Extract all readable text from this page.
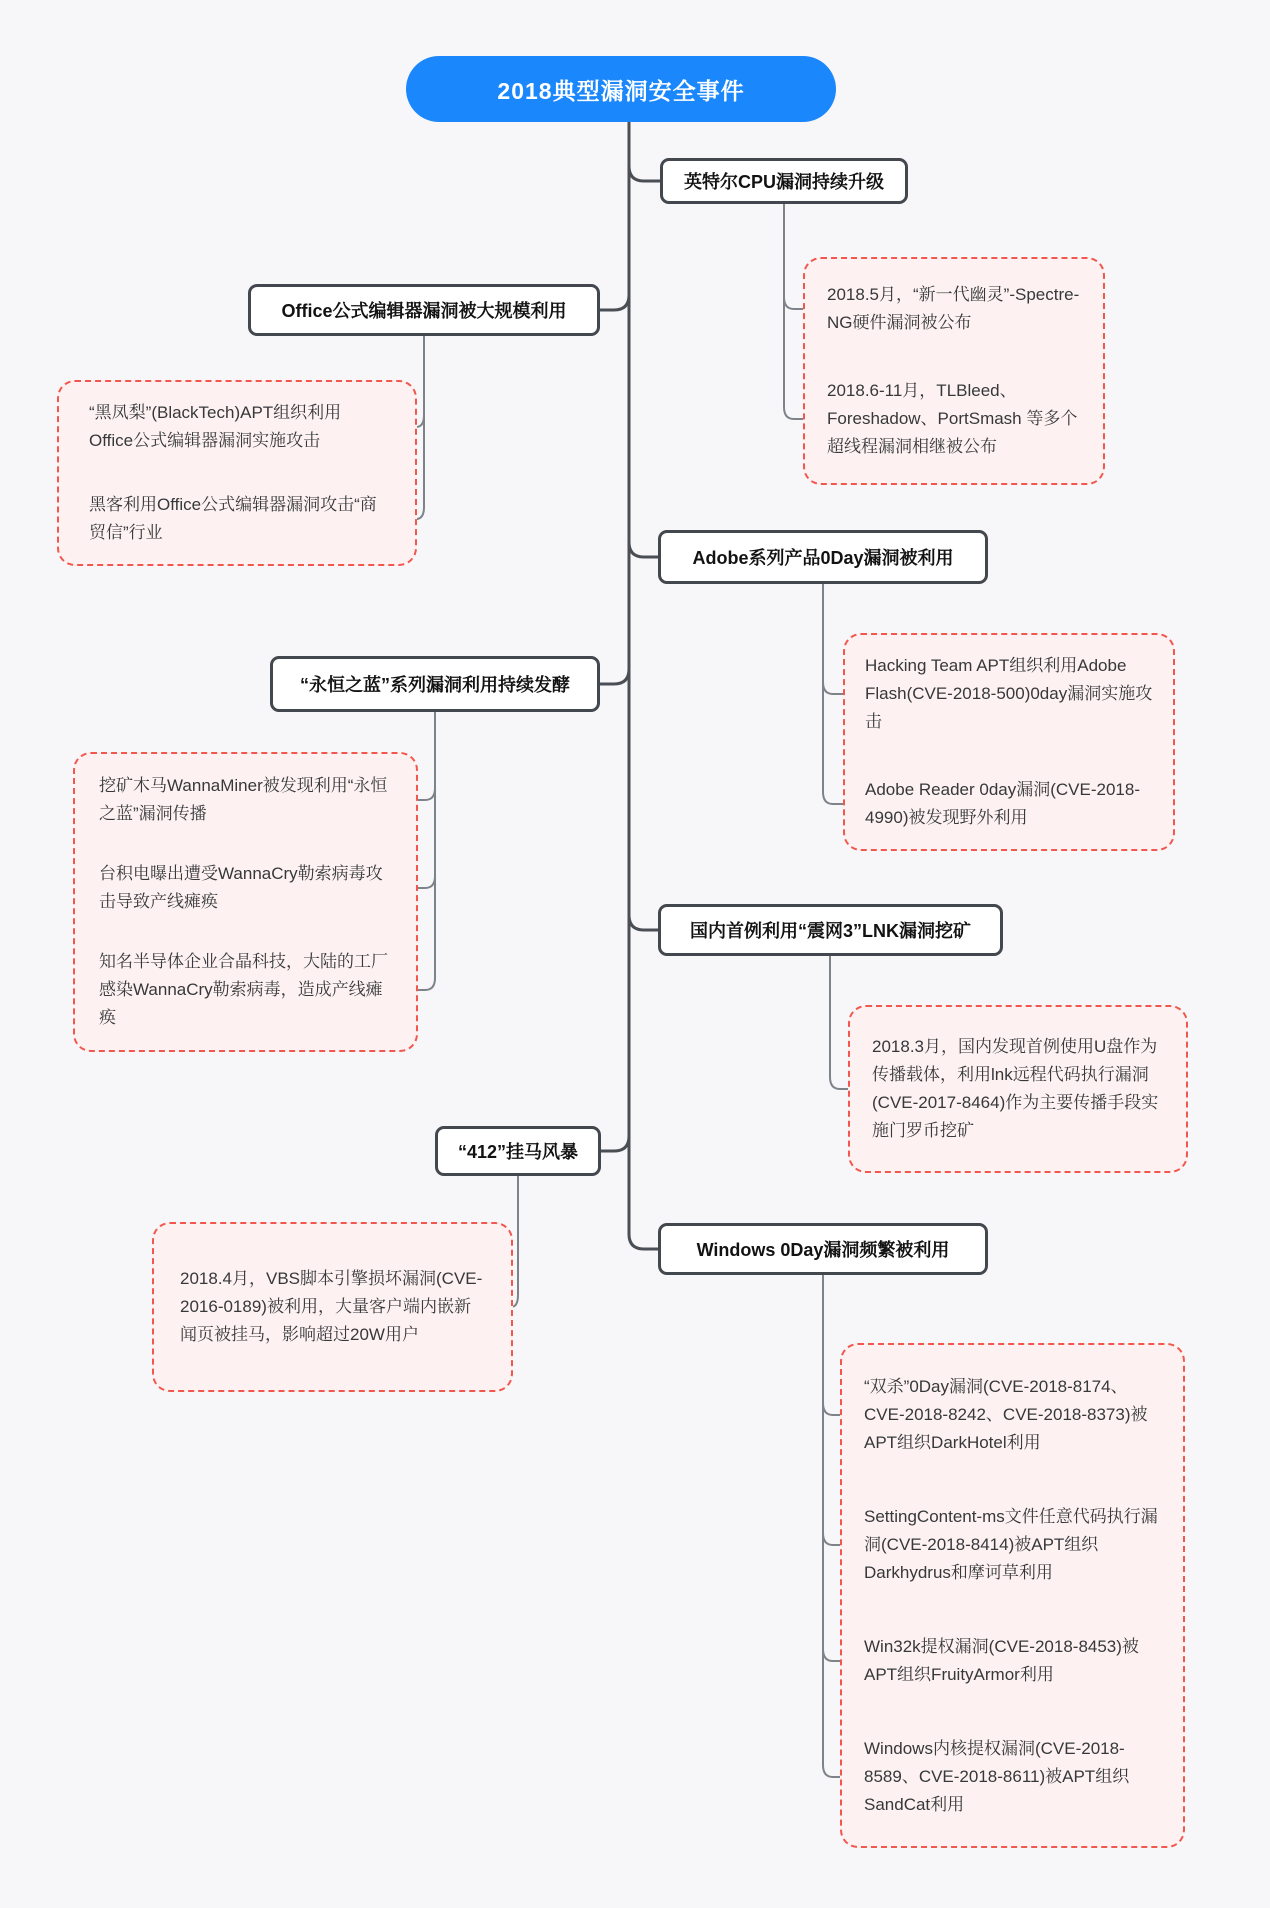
2018典型漏洞安全事件
英特尔CPU漏洞持续升级
Office公式编辑器漏洞被大规模利用
Adobe系列产品0Day漏洞被利用
“永恒之蓝”系列漏洞利用持续发酵
国内首例利用“震网3”LNK漏洞挖矿
“412”挂马风暴
Windows 0Day漏洞频繁被利用

2018.5月，“新一代幽灵”-Spectre-NG硬件漏洞被公布

2018.6-11月，TLBleed、Foreshadow、PortSmash 等多个超线程漏洞相继被公布

“黑凤梨”(BlackTech)APT组织利用Office公式编辑器漏洞实施攻击

黑客利用Office公式编辑器漏洞攻击“商贸信”行业

Hacking Team APT组织利用Adobe Flash(CVE-2018-500)0day漏洞实施攻击

Adobe Reader 0day漏洞(CVE-2018-4990)被发现野外利用

挖矿木马WannaMiner被发现利用“永恒之蓝”漏洞传播

台积电曝出遭受WannaCry勒索病毒攻击导致产线瘫痪

知名半导体企业合晶科技，大陆的工厂感染WannaCry勒索病毒，造成产线瘫痪

2018.3月，国内发现首例使用U盘作为传播载体，利用lnk远程代码执行漏洞(CVE-2017-8464)作为主要传播手段实施门罗币挖矿

2018.4月，VBS脚本引擎损坏漏洞(CVE-2016-0189)被利用，大量客户端内嵌新闻页被挂马，影响超过20W用户

“双杀”0Day漏洞(CVE-2018-8174、CVE-2018-8242、CVE-2018-8373)被APT组织DarkHotel利用

SettingContent-ms文件任意代码执行漏洞(CVE-2018-8414)被APT组织Darkhydrus和摩诃草利用

Win32k提权漏洞(CVE-2018-8453)被APT组织FruityArmor利用

Windows内核提权漏洞(CVE-2018-8589、CVE-2018-8611)被APT组织SandCat利用
